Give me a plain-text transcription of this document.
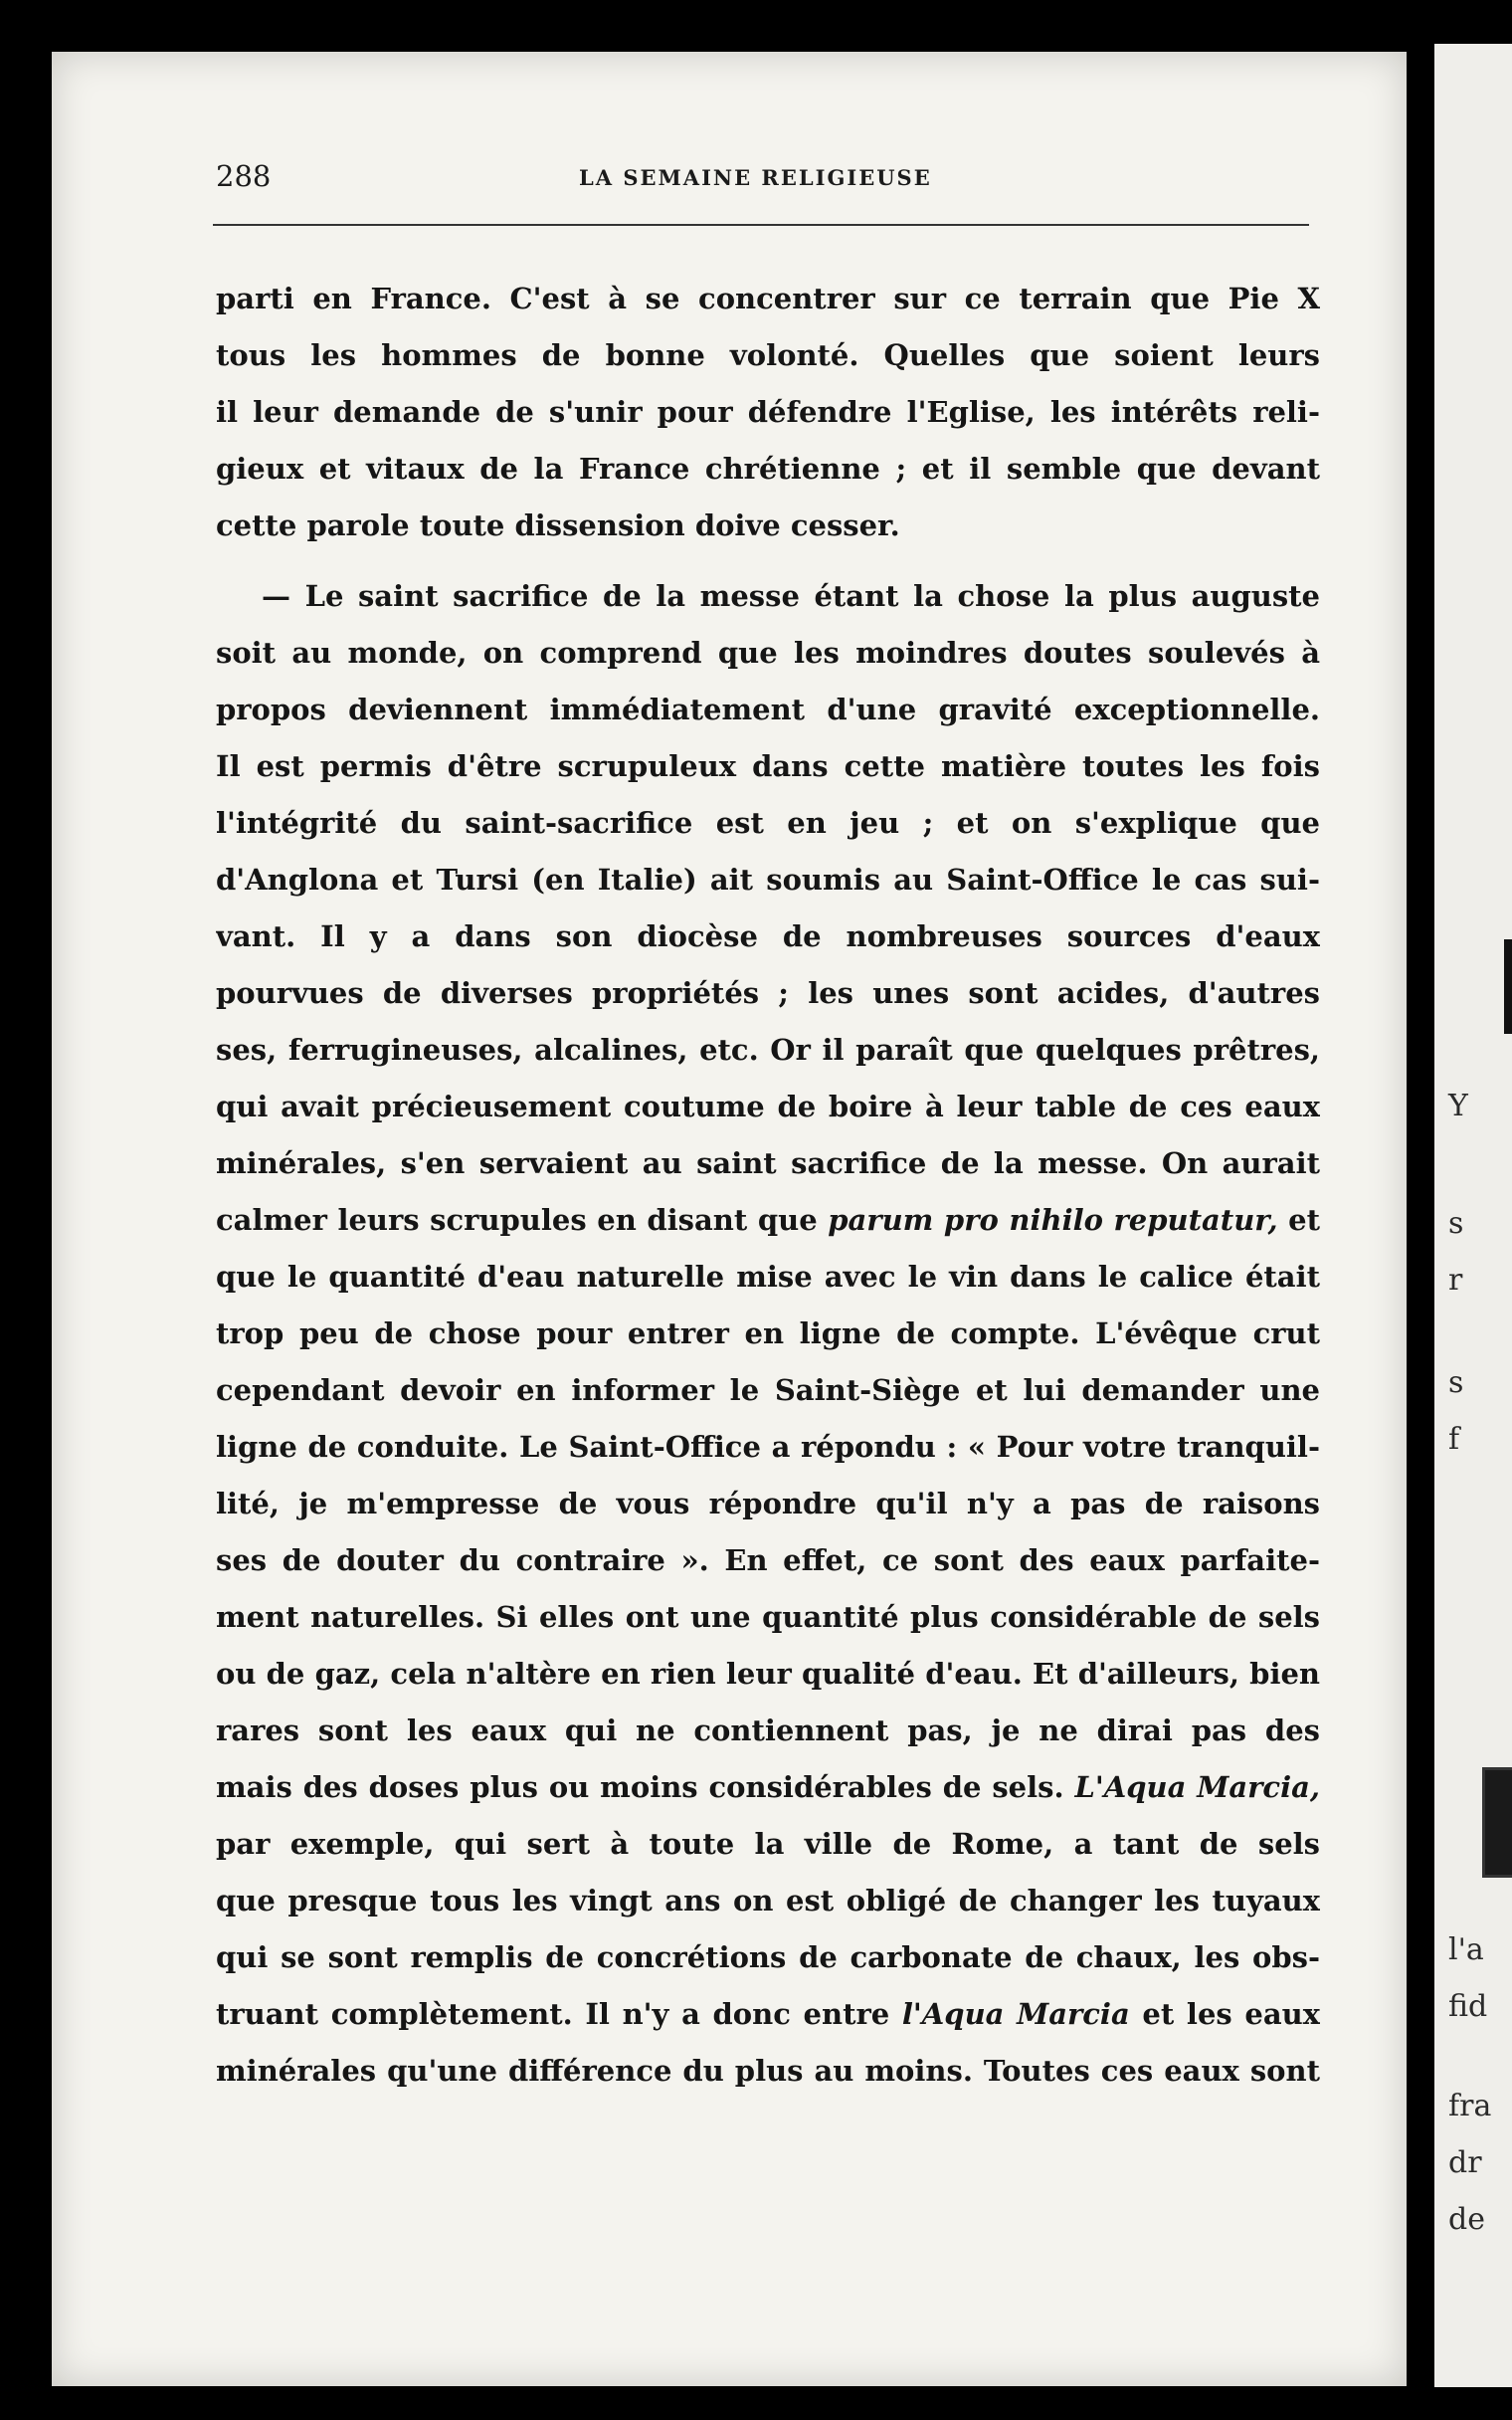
Y
s
r
s
f
l'a
fid
fra
dr
de
288	LA SEMAINE RELIGIEUSE
parti en France. C'est à se concentrer sur ce terrain que Pie X
tous les hommes de bonne volonté. Quelles que soient leurs
il leur demande de s'unir pour défendre l'Eglise, les intérêts reli-
gieux et vitaux de la France chrétienne ; et il semble que devant
cette parole toute dissension doive cesser.
— Le saint sacrifice de la messe étant la chose la plus auguste
soit au monde, on comprend que les moindres doutes soulevés à
propos deviennent immédiatement d'une gravité exceptionnelle.
Il est permis d'être scrupuleux dans cette matière toutes les fois
l'intégrité du saint-sacrifice est en jeu ; et on s'explique que
d'Anglona et Tursi (en Italie) ait soumis au Saint-Office le cas sui-
vant. Il y a dans son diocèse de nombreuses sources d'eaux
pourvues de diverses propriétés ; les unes sont acides, d'autres
ses, ferrugineuses, alcalines, etc. Or il paraît que quelques prêtres,
qui avait précieusement coutume de boire à leur table de ces eaux
minérales, s'en servaient au saint sacrifice de la messe. On aurait
calmer leurs scrupules en disant que parum pro nihilo reputatur, et
que le quantité d'eau naturelle mise avec le vin dans le calice était
trop peu de chose pour entrer en ligne de compte. L'évêque crut
cependant devoir en informer le Saint-Siège et lui demander une
ligne de conduite. Le Saint-Office a répondu : « Pour votre tranquil-
lité, je m'empresse de vous répondre qu'il n'y a pas de raisons
ses de douter du contraire ». En effet, ce sont des eaux parfaite-
ment naturelles. Si elles ont une quantité plus considérable de sels
ou de gaz, cela n'altère en rien leur qualité d'eau. Et d'ailleurs, bien
rares sont les eaux qui ne contiennent pas, je ne dirai pas des
mais des doses plus ou moins considérables de sels. L'Aqua Marcia,
par exemple, qui sert à toute la ville de Rome, a tant de sels
que presque tous les vingt ans on est obligé de changer les tuyaux
qui se sont remplis de concrétions de carbonate de chaux, les obs-
truant complètement. Il n'y a donc entre l'Aqua Marcia et les eaux
minérales qu'une différence du plus au moins. Toutes ces eaux sont
